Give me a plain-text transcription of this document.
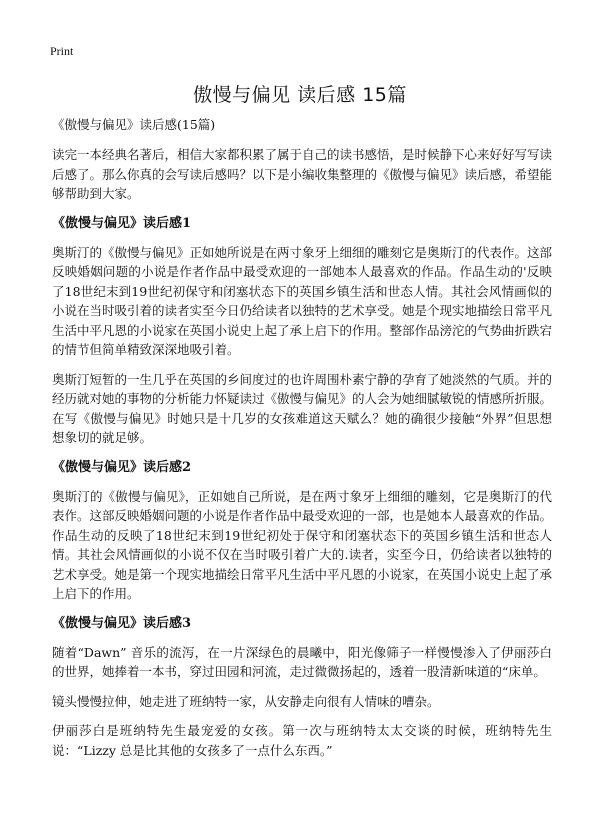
Print
傲慢与偏见 读后感 15篇
《傲慢与偏见》读后感(15篇)

读完一本经典名著后，相信大家都积累了属于自己的读书感悟，是时候静下心来好好写写读后感了。那么你真的会写读后感吗？以下是小编收集整理的《傲慢与偏见》读后感，希望能够帮助到大家。

《傲慢与偏见》读后感1

奥斯汀的《傲慢与偏见》正如她所说是在两寸象牙上细细的雕刻它是奥斯汀的代表作。这部反映婚姻问题的小说是作者作品中最受欢迎的一部她本人最喜欢的作品。作品生动的'反映了18世纪末到19世纪初保守和闭塞状态下的英国乡镇生活和世态人情。其社会风情画似的小说在当时吸引着的读者实至今日仍给读者以独特的艺术享受。她是个现实地描绘日常平凡生活中平凡恩的小说家在英国小说史上起了承上启下的作用。整部作品滂沱的气势曲折跌宕的情节但简单精致深深地吸引着。

奥斯汀短暂的一生几乎在英国的乡间度过的也许周围朴素宁静的孕育了她淡然的气质。并的经历就对她的事物的分析能力怀疑读过《傲慢与偏见》的人会为她细腻敏锐的情感所折服。在写《傲慢与偏见》时她只是十几岁的女孩难道这天赋么？她的确很少接触“外界”但思想想象切的就足够。

《傲慢与偏见》读后感2

奥斯汀的《傲慢与偏见》，正如她自己所说，是在两寸象牙上细细的雕刻，它是奥斯汀的代表作。这部反映婚姻问题的小说是作者作品中最受欢迎的一部，也是她本人最喜欢的作品。作品生动的反映了18世纪末到19世纪初处于保守和闭塞状态下的英国乡镇生活和世态人情。其社会风情画似的小说不仅在当时吸引着广大的.读者，实至今日，仍给读者以独特的艺术享受。她是第一个现实地描绘日常平凡生活中平凡恩的小说家，在英国小说史上起了承上启下的作用。

《傲慢与偏见》读后感3

随着“Dawn” 音乐的流泻，在一片深绿色的晨曦中，阳光像筛子一样慢慢渗入了伊丽莎白的世界，她捧着一本书，穿过田园和河流，走过微微扬起的，透着一股清新味道的“床单。

镜头慢慢拉伸，她走进了班纳特一家，从安静走向很有人情味的嘈杂。

伊丽莎白是班纳特先生最宠爱的女孩。第一次与班纳特太太交谈的时候，班纳特先生说：“Lizzy 总是比其他的女孩多了一点什么东西。”
